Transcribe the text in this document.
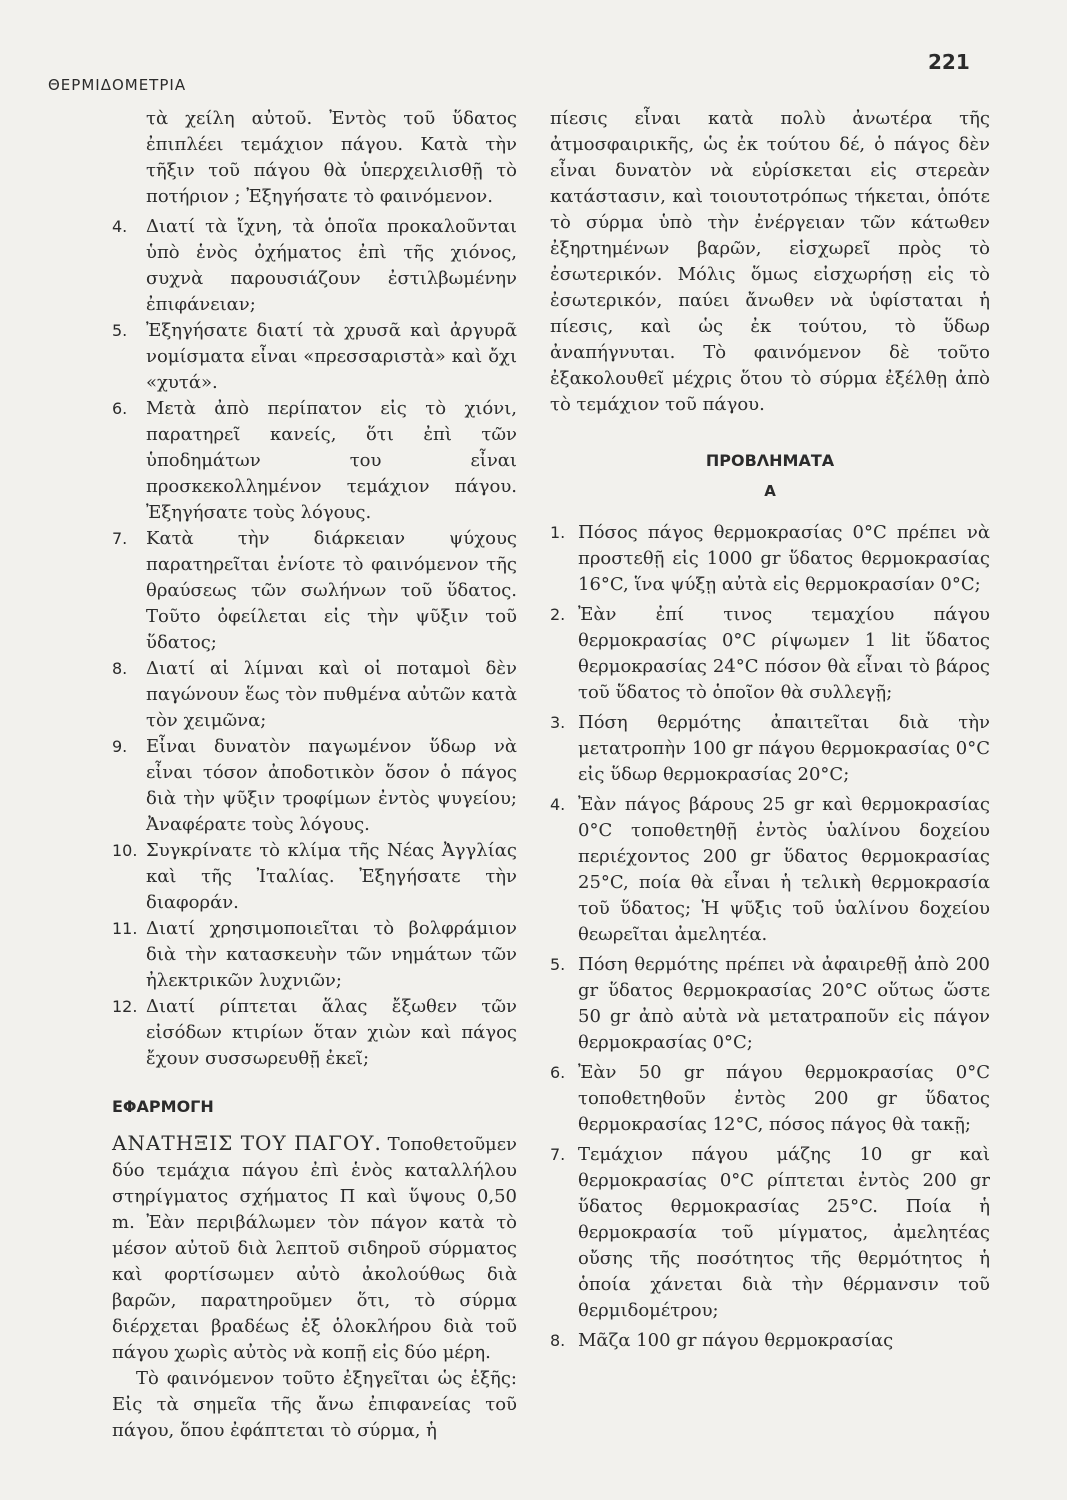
ΘΕΡΜΙΔΟΜΕΤΡΙΑ
221

τὰ χείλη αὐτοῦ. Ἐντὸς τοῦ ὕδατος ἐπιπλέει τεμάχιον πάγου. Κατὰ τὴν τῆξιν τοῦ πάγου θὰ ὑπερχειλισθῇ τὸ ποτήριον ; Ἐξηγήσατε τὸ φαινόμενον.

4. Διατί τὰ ἴχνη, τὰ ὁποῖα προκαλοῦνται ὑπὸ ἑνὸς ὀχήματος ἐπὶ τῆς χιόνος, συχνὰ παρουσιάζουν ἐστιλβωμένην ἐπιφάνειαν;
5. Ἐξηγήσατε διατί τὰ χρυσᾶ καὶ ἀργυρᾶ νομίσματα εἶναι «πρεσσαριστὰ» καὶ ὄχι «χυτά».
6. Μετὰ ἀπὸ περίπατον εἰς τὸ χιόνι, παρατηρεῖ κανείς, ὅτι ἐπὶ τῶν ὑποδημάτων του εἶναι προσκεκολλημένον τεμάχιον πάγου. Ἐξηγήσατε τοὺς λόγους.
7. Κατὰ τὴν διάρκειαν ψύχους παρατηρεῖται ἐνίοτε τὸ φαινόμενον τῆς θραύσεως τῶν σωλήνων τοῦ ὕδατος. Τοῦτο ὀφείλεται εἰς τὴν ψῦξιν τοῦ ὕδατος;
8. Διατί αἱ λίμναι καὶ οἱ ποταμοὶ δὲν παγώνουν ἕως τὸν πυθμένα αὐτῶν κατὰ τὸν χειμῶνα;
9. Εἶναι δυνατὸν παγωμένον ὕδωρ νὰ εἶναι τόσον ἀποδοτικὸν ὅσον ὁ πάγος διὰ τὴν ψῦξιν τροφίμων ἐντὸς ψυγείου; Ἀναφέρατε τοὺς λόγους.
10. Συγκρίνατε τὸ κλίμα τῆς Νέας Ἀγγλίας καὶ τῆς Ἰταλίας. Ἐξηγήσατε τὴν διαφοράν.
11. Διατί χρησιμοποιεῖται τὸ βολφράμιον διὰ τὴν κατασκευὴν τῶν νημάτων τῶν ἠλεκτρικῶν λυχνιῶν;
12. Διατί ρίπτεται ἅλας ἔξωθεν τῶν εἰσόδων κτιρίων ὅταν χιὼν καὶ πάγος ἔχουν συσσωρευθῇ ἐκεῖ;
ΕΦΑΡΜΟΓΗ

ΑΝΑΤΗΞΙΣ ΤΟΥ ΠΑΓΟΥ. Τοποθετοῦμεν δύο τεμάχια πάγου ἐπὶ ἑνὸς καταλλήλου στηρίγματος σχήματος Π καὶ ὕψους 0,50 m. Ἐὰν περιβάλωμεν τὸν πάγον κατὰ τὸ μέσον αὐτοῦ διὰ λεπτοῦ σιδηροῦ σύρματος καὶ φορτίσωμεν αὐτὸ ἀκολούθως διὰ βαρῶν, παρατηροῦμεν ὅτι, τὸ σύρμα διέρχεται βραδέως ἐξ ὁλοκλήρου διὰ τοῦ πάγου χωρὶς αὐτὸς νὰ κοπῇ εἰς δύο μέρη.

Τὸ φαινόμενον τοῦτο ἐξηγεῖται ὡς ἑξῆς: Εἰς τὰ σημεῖα τῆς ἄνω ἐπιφανείας τοῦ πάγου, ὅπου ἐφάπτεται τὸ σύρμα, ἡ

πίεσις εἶναι κατὰ πολὺ ἀνωτέρα τῆς ἀτμοσφαιρικῆς, ὡς ἐκ τούτου δέ, ὁ πάγος δὲν εἶναι δυνατὸν νὰ εὑρίσκεται εἰς στερεὰν κατάστασιν, καὶ τοιουτοτρόπως τήκεται, ὁπότε τὸ σύρμα ὑπὸ τὴν ἐνέργειαν τῶν κάτωθεν ἐξηρτημένων βαρῶν, εἰσχωρεῖ πρὸς τὸ ἐσωτερικόν. Μόλις ὅμως εἰσχωρήσῃ εἰς τὸ ἐσωτερικόν, παύει ἄνωθεν νὰ ὑφίσταται ἡ πίεσις, καὶ ὡς ἐκ τούτου, τὸ ὕδωρ ἀναπήγνυται. Τὸ φαινόμενον δὲ τοῦτο ἐξακολουθεῖ μέχρις ὅτου τὸ σύρμα ἐξέλθῃ ἀπὸ τὸ τεμάχιον τοῦ πάγου.

ΠΡΟΒΛΗΜΑΤΑ

Α

1. Πόσος πάγος θερμοκρασίας 0°C πρέπει νὰ προστεθῇ εἰς 1000 gr ὕδατος θερμοκρασίας 16°C, ἵνα ψύξῃ αὐτὰ εἰς θερμοκρασίαν 0°C;
2. Ἐὰν ἐπί τινος τεμαχίου πάγου θερμοκρασίας 0°C ρίψωμεν 1 lit ὕδατος θερμοκρασίας 24°C πόσον θὰ εἶναι τὸ βάρος τοῦ ὕδατος τὸ ὁποῖον θὰ συλλεγῇ;
3. Πόση θερμότης ἀπαιτεῖται διὰ τὴν μετατροπὴν 100 gr πάγου θερμοκρασίας 0°C εἰς ὕδωρ θερμοκρασίας 20°C;
4. Ἐὰν πάγος βάρους 25 gr καὶ θερμοκρασίας 0°C τοποθετηθῇ ἐντὸς ὑαλίνου δοχείου περιέχοντος 200 gr ὕδατος θερμοκρασίας 25°C, ποία θὰ εἶναι ἡ τελικὴ θερμοκρασία τοῦ ὕδατος; Ἡ ψῦξις τοῦ ὑαλίνου δοχείου θεωρεῖται ἀμελητέα.
5. Πόση θερμότης πρέπει νὰ ἀφαιρεθῇ ἀπὸ 200 gr ὕδατος θερμοκρασίας 20°C οὕτως ὥστε 50 gr ἀπὸ αὐτὰ νὰ μετατραποῦν εἰς πάγον θερμοκρασίας 0°C;
6. Ἐὰν 50 gr πάγου θερμοκρασίας 0°C τοποθετηθοῦν ἐντὸς 200 gr ὕδατος θερμοκρασίας 12°C, πόσος πάγος θὰ τακῇ;
7. Τεμάχιον πάγου μάζης 10 gr καὶ θερμοκρασίας 0°C ρίπτεται ἐντὸς 200 gr ὕδατος θερμοκρασίας 25°C. Ποία ἡ θερμοκρασία τοῦ μίγματος, ἀμελητέας οὔσης τῆς ποσότητος τῆς θερμότητος ἡ ὁποία χάνεται διὰ τὴν θέρμανσιν τοῦ θερμιδομέτρου;
8. Μᾶζα 100 gr πάγου θερμοκρασίας
